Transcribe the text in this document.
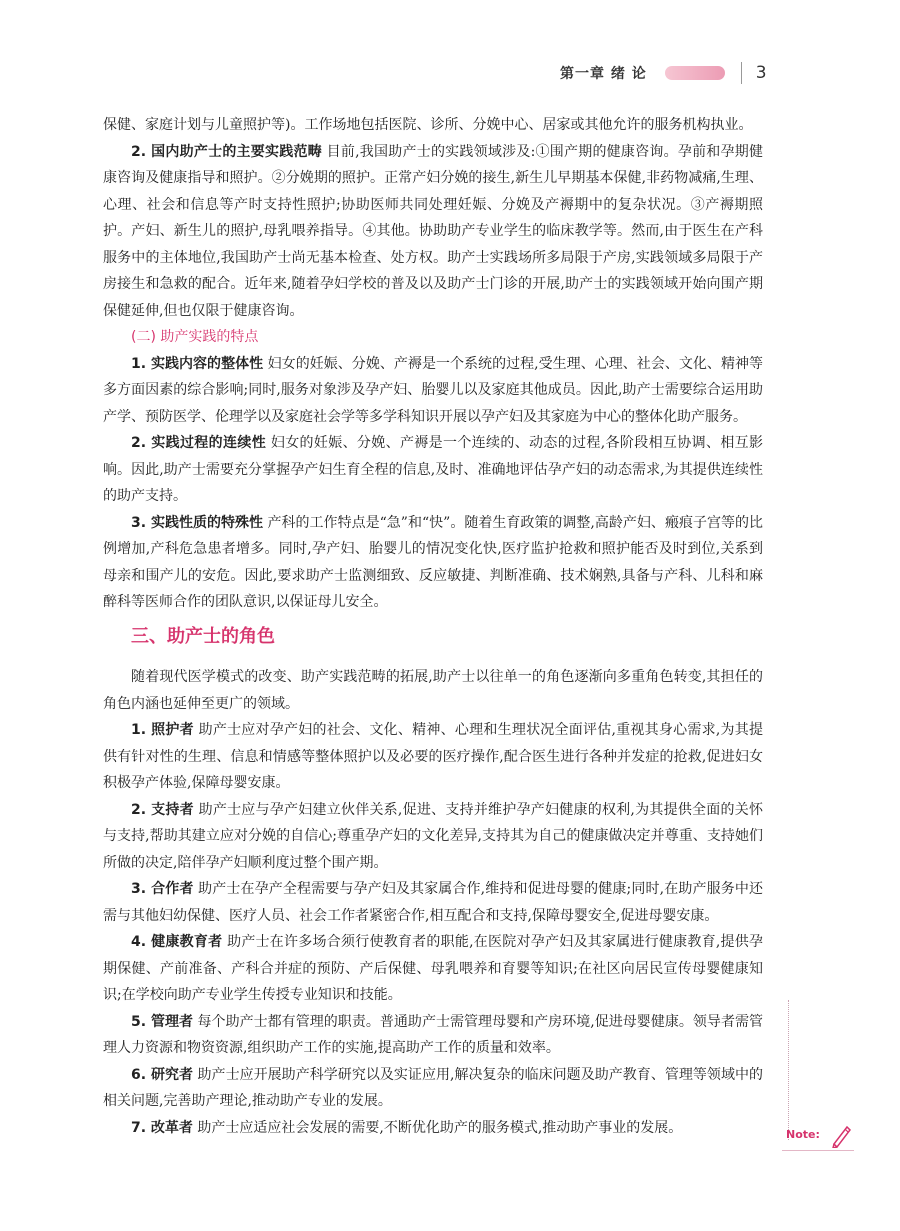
第一章 绪 论	3

保健、家庭计划与儿童照护等)。工作场地包括医院、诊所、分娩中心、居家或其他允许的服务机构执业。

2. 国内助产士的主要实践范畴 目前,我国助产士的实践领域涉及:①围产期的健康咨询。孕前和孕期健康咨询及健康指导和照护。②分娩期的照护。正常产妇分娩的接生,新生儿早期基本保健,非药物减痛,生理、心理、社会和信息等产时支持性照护;协助医师共同处理妊娠、分娩及产褥期中的复杂状况。③产褥期照护。产妇、新生儿的照护,母乳喂养指导。④其他。协助助产专业学生的临床教学等。然而,由于医生在产科服务中的主体地位,我国助产士尚无基本检查、处方权。助产士实践场所多局限于产房,实践领域多局限于产房接生和急救的配合。近年来,随着孕妇学校的普及以及助产士门诊的开展,助产士的实践领域开始向围产期保健延伸,但也仅限于健康咨询。

(二) 助产实践的特点

1. 实践内容的整体性 妇女的妊娠、分娩、产褥是一个系统的过程,受生理、心理、社会、文化、精神等多方面因素的综合影响;同时,服务对象涉及孕产妇、胎婴儿以及家庭其他成员。因此,助产士需要综合运用助产学、预防医学、伦理学以及家庭社会学等多学科知识开展以孕产妇及其家庭为中心的整体化助产服务。

2. 实践过程的连续性 妇女的妊娠、分娩、产褥是一个连续的、动态的过程,各阶段相互协调、相互影响。因此,助产士需要充分掌握孕产妇生育全程的信息,及时、准确地评估孕产妇的动态需求,为其提供连续性的助产支持。

3. 实践性质的特殊性 产科的工作特点是“急”和“快”。随着生育政策的调整,高龄产妇、瘢痕子宫等的比例增加,产科危急患者增多。同时,孕产妇、胎婴儿的情况变化快,医疗监护抢救和照护能否及时到位,关系到母亲和围产儿的安危。因此,要求助产士监测细致、反应敏捷、判断准确、技术娴熟,具备与产科、儿科和麻醉科等医师合作的团队意识,以保证母儿安全。

三、助产士的角色

随着现代医学模式的改变、助产实践范畴的拓展,助产士以往单一的角色逐渐向多重角色转变,其担任的角色内涵也延伸至更广的领域。

1. 照护者 助产士应对孕产妇的社会、文化、精神、心理和生理状况全面评估,重视其身心需求,为其提供有针对性的生理、信息和情感等整体照护以及必要的医疗操作,配合医生进行各种并发症的抢救,促进妇女积极孕产体验,保障母婴安康。

2. 支持者 助产士应与孕产妇建立伙伴关系,促进、支持并维护孕产妇健康的权利,为其提供全面的关怀与支持,帮助其建立应对分娩的自信心;尊重孕产妇的文化差异,支持其为自己的健康做决定并尊重、支持她们所做的决定,陪伴孕产妇顺利度过整个围产期。

3. 合作者 助产士在孕产全程需要与孕产妇及其家属合作,维持和促进母婴的健康;同时,在助产服务中还需与其他妇幼保健、医疗人员、社会工作者紧密合作,相互配合和支持,保障母婴安全,促进母婴安康。

4. 健康教育者 助产士在许多场合须行使教育者的职能,在医院对孕产妇及其家属进行健康教育,提供孕期保健、产前准备、产科合并症的预防、产后保健、母乳喂养和育婴等知识;在社区向居民宣传母婴健康知识;在学校向助产专业学生传授专业知识和技能。

5. 管理者 每个助产士都有管理的职责。普通助产士需管理母婴和产房环境,促进母婴健康。领导者需管理人力资源和物资资源,组织助产工作的实施,提高助产工作的质量和效率。

6. 研究者 助产士应开展助产科学研究以及实证应用,解决复杂的临床问题及助产教育、管理等领域中的相关问题,完善助产理论,推动助产专业的发展。

7. 改革者 助产士应适应社会发展的需要,不断优化助产的服务模式,推动助产事业的发展。	Note:
